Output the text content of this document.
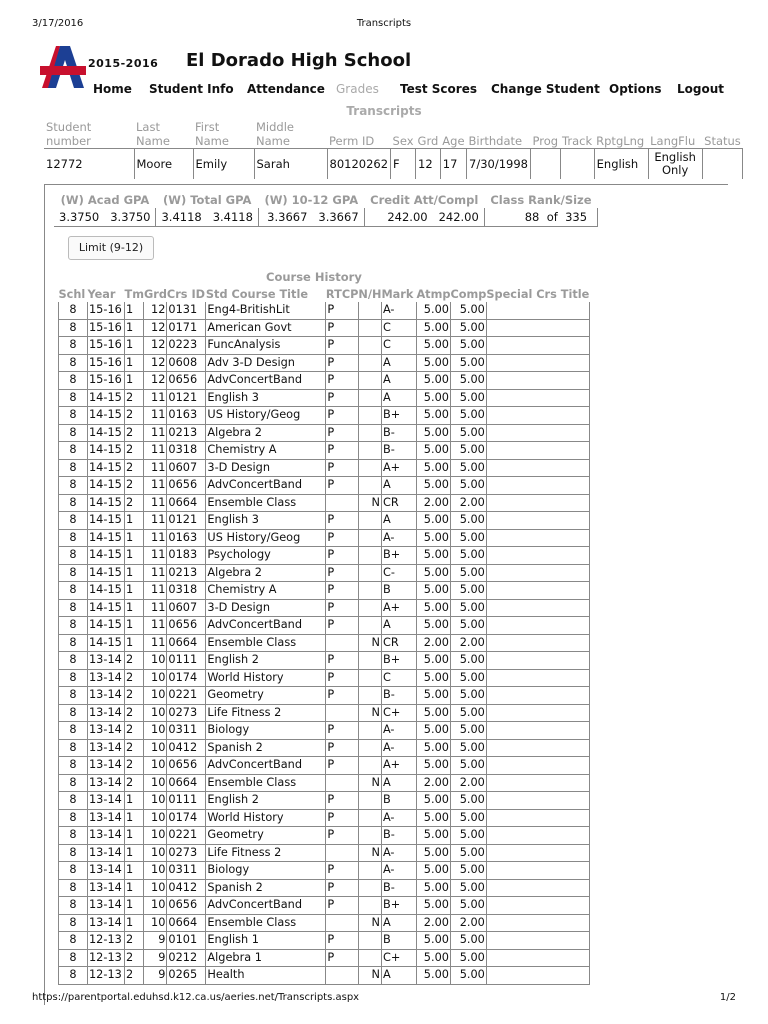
3/17/2016	Transcripts
2015-2016 El Dorado High School
Home Student Info Attendance Grades Test Scores Change Student Options Logout
Transcripts
Student number	Last Name	First Name	Middle Name	Perm ID	Sex	Grd	Age	Birthdate	Prog	Track	RptgLng	LangFlu	Status
12772	Moore	Emily	Sarah	80120262	F	12	17	7/30/1998			English	English Only	
(W) Acad GPA	(W) Total GPA	(W) 10-12 GPA	Credit Att/Compl	Class Rank/Size
3.3750 3.3750	3.4118 3.4118	3.3667 3.3667	242.00 242.00	88 of 335
Limit (9-12)
Course History
Schl	Year	Tm	Grd	Crs ID	Std Course Title	RTCP	N/H	Mark	Atmp	Comp	Special Crs Title
8	15-16	1	12	0131	Eng4-BritishLit	P		A-	5.00	5.00	
8	15-16	1	12	0171	American Govt	P		C	5.00	5.00	
8	15-16	1	12	0223	FuncAnalysis	P		C	5.00	5.00	
8	15-16	1	12	0608	Adv 3-D Design	P		A	5.00	5.00	
8	15-16	1	12	0656	AdvConcertBand	P		A	5.00	5.00	
8	14-15	2	11	0121	English 3	P		A	5.00	5.00	
8	14-15	2	11	0163	US History/Geog	P		B+	5.00	5.00	
8	14-15	2	11	0213	Algebra 2	P		B-	5.00	5.00	
8	14-15	2	11	0318	Chemistry A	P		B-	5.00	5.00	
8	14-15	2	11	0607	3-D Design	P		A+	5.00	5.00	
8	14-15	2	11	0656	AdvConcertBand	P		A	5.00	5.00	
8	14-15	2	11	0664	Ensemble Class		N	CR	2.00	2.00	
8	14-15	1	11	0121	English 3	P		A	5.00	5.00	
8	14-15	1	11	0163	US History/Geog	P		A-	5.00	5.00	
8	14-15	1	11	0183	Psychology	P		B+	5.00	5.00	
8	14-15	1	11	0213	Algebra 2	P		C-	5.00	5.00	
8	14-15	1	11	0318	Chemistry A	P		B	5.00	5.00	
8	14-15	1	11	0607	3-D Design	P		A+	5.00	5.00	
8	14-15	1	11	0656	AdvConcertBand	P		A	5.00	5.00	
8	14-15	1	11	0664	Ensemble Class		N	CR	2.00	2.00	
8	13-14	2	10	0111	English 2	P		B+	5.00	5.00	
8	13-14	2	10	0174	World History	P		C	5.00	5.00	
8	13-14	2	10	0221	Geometry	P		B-	5.00	5.00	
8	13-14	2	10	0273	Life Fitness 2		N	C+	5.00	5.00	
8	13-14	2	10	0311	Biology	P		A-	5.00	5.00	
8	13-14	2	10	0412	Spanish 2	P		A-	5.00	5.00	
8	13-14	2	10	0656	AdvConcertBand	P		A+	5.00	5.00	
8	13-14	2	10	0664	Ensemble Class		N	A	2.00	2.00	
8	13-14	1	10	0111	English 2	P		B	5.00	5.00	
8	13-14	1	10	0174	World History	P		A-	5.00	5.00	
8	13-14	1	10	0221	Geometry	P		B-	5.00	5.00	
8	13-14	1	10	0273	Life Fitness 2		N	A-	5.00	5.00	
8	13-14	1	10	0311	Biology	P		A-	5.00	5.00	
8	13-14	1	10	0412	Spanish 2	P		B-	5.00	5.00	
8	13-14	1	10	0656	AdvConcertBand	P		B+	5.00	5.00	
8	13-14	1	10	0664	Ensemble Class		N	A	2.00	2.00	
8	12-13	2	9	0101	English 1	P		B	5.00	5.00	
8	12-13	2	9	0212	Algebra 1	P		C+	5.00	5.00	
8	12-13	2	9	0265	Health		N	A	5.00	5.00	
https://parentportal.eduhsd.k12.ca.us/aeries.net/Transcripts.aspx	1/2
